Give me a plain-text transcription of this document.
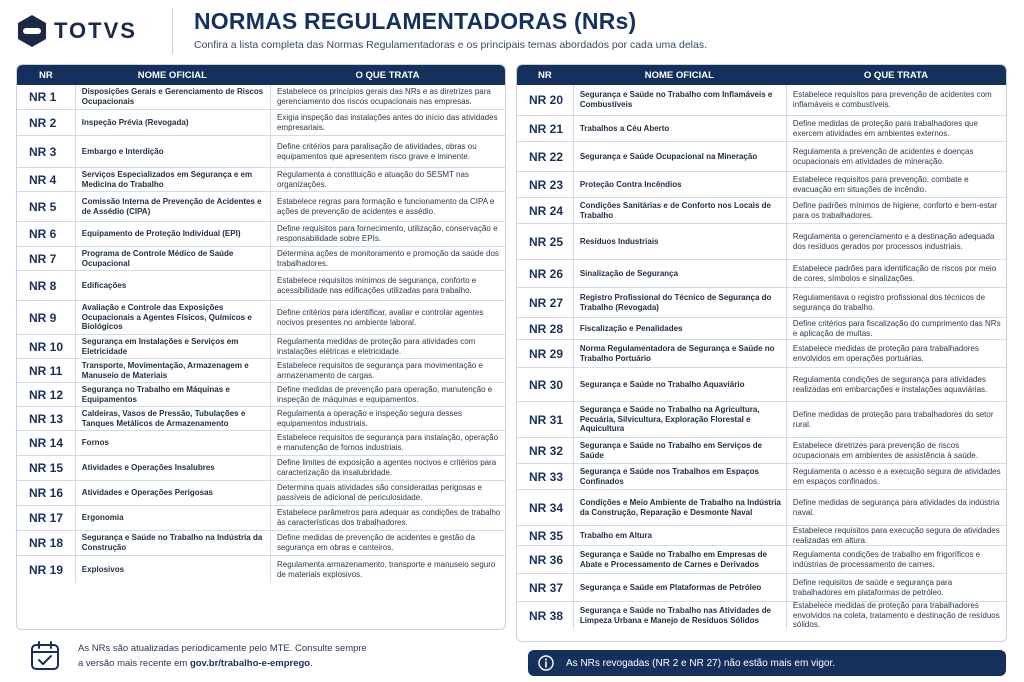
TOTVS NORMAS REGULAMENTADORAS (NRs)

Confira a lista completa das Normas Regulamentadoras e os principais temas abordados por cada uma delas.

NR	NOME OFICIAL	O QUE TRATA
NR 1	Disposições Gerais e Gerenciamento de Riscos Ocupacionais
Estabelece os princípios gerais das NRs e as diretrizes para gerenciamento dos riscos ocupacionais nas empresas.
NR 2	Inspeção Prévia (Revogada)
Exigia inspeção das instalações antes do início das atividades empresariais.
NR 3	Embargo e Interdição
Define critérios para paralisação de atividades, obras ou equipamentos que apresentem risco grave e iminente.
NR 4	Serviços Especializados em Segurança e em Medicina do Trabalho
Regulamenta a constituição e atuação do SESMT nas organizações.
NR 5	Comissão Interna de Prevenção de Acidentes e de Assédio (CIPA)
Estabelece regras para formação e funcionamento da CIPA e ações de prevenção de acidentes e assédio.
NR 6	Equipamento de Proteção Individual (EPI)
Define requisitos para fornecimento, utilização, conservação e responsabilidade sobre EPIs.
NR 7	Programa de Controle Médico de Saúde Ocupacional
Determina ações de monitoramento e promoção da saúde dos trabalhadores.
NR 8	Edificações
Estabelece requisitos mínimos de segurança, conforto e acessibilidade nas edificações utilizadas para trabalho.
NR 9
Avaliação e Controle das Exposições Ocupacionais a Agentes Físicos, Químicos e Biológicos
Define critérios para identificar, avaliar e controlar agentes nocivos presentes no ambiente laboral.
NR 10	Segurança em Instalações e Serviços em Eletricidade
Regulamenta medidas de proteção para atividades com instalações elétricas e eletricidade.
NR 11	Transporte, Movimentação, Armazenagem e Manuseio de Materiais
Estabelece requisitos de segurança para movimentação e armazenamento de cargas.
NR 12	Segurança no Trabalho em Máquinas e Equipamentos
Define medidas de prevenção para operação, manutenção e inspeção de máquinas e equipamentos.
NR 13	Caldeiras, Vasos de Pressão, Tubulações e Tanques Metálicos de Armazenamento
Regulamenta a operação e inspeção segura desses equipamentos industriais.
NR 14	Fornos
Estabelece requisitos de segurança para instalação, operação e manutenção de fornos industriais.
NR 15	Atividades e Operações Insalubres
Define limites de exposição a agentes nocivos e critérios para caracterização da insalubridade.
NR 16	Atividades e Operações Perigosas
Determina quais atividades são consideradas perigosas e passíveis de adicional de periculosidade.
NR 17	Ergonomia
Estabelece parâmetros para adequar as condições de trabalho às características dos trabalhadores.
NR 18	Segurança e Saúde no Trabalho na Indústria da Construção
Define medidas de prevenção de acidentes e gestão da segurança em obras e canteiros.
NR 19	Explosivos
Regulamenta armazenamento, transporte e manuseio seguro de materiais explosivos.
NR	NOME OFICIAL	O QUE TRATA
NR 20	Segurança e Saúde no Trabalho com Inflamáveis e Combustíveis
Estabelece requisitos para prevenção de acidentes com inflamáveis e combustíveis.
NR 21	Trabalhos a Céu Aberto
Define medidas de proteção para trabalhadores que exercem atividades em ambientes externos.
NR 22	Segurança e Saúde Ocupacional na Mineração
Regulamenta a prevenção de acidentes e doenças ocupacionais em atividades de mineração.
NR 23	Proteção Contra Incêndios
Estabelece requisitos para prevenção, combate e evacuação em situações de incêndio.
NR 24	Condições Sanitárias e de Conforto nos Locais de Trabalho
Define padrões mínimos de higiene, conforto e bem-estar para os trabalhadores.
NR 25	Resíduos Industriais
Regulamenta o gerenciamento e a destinação adequada dos resíduos gerados por processos industriais.
NR 26	Sinalização de Segurança
Estabelece padrões para identificação de riscos por meio de cores, símbolos e sinalizações.
NR 27	Registro Profissional do Técnico de Segurança do Trabalho (Revogada)
Regulamentava o registro profissional dos técnicos de segurança do trabalho.
NR 28	Fiscalização e Penalidades
Define critérios para fiscalização do cumprimento das NRs e aplicação de multas.
NR 29	Norma Regulamentadora de Segurança e Saúde no Trabalho Portuário
Estabelece medidas de proteção para trabalhadores envolvidos em operações portuárias.
NR 30	Segurança e Saúde no Trabalho Aquaviário
Regulamenta condições de segurança para atividades realizadas em embarcações e instalações aquaviárias.
NR 31
Segurança e Saúde no Trabalho na Agricultura, Pecuária, Silvicultura, Exploração Florestal e Aquicultura
Define medidas de proteção para trabalhadores do setor rural.
NR 32	Segurança e Saúde no Trabalho em Serviços de Saúde
Estabelece diretrizes para prevenção de riscos ocupacionais em ambientes de assistência à saúde.
NR 33	Segurança e Saúde nos Trabalhos em Espaços Confinados
Regulamenta o acesso e a execução segura de atividades em espaços confinados.
NR 34	Condições e Meio Ambiente de Trabalho na Indústria da Construção, Reparação e Desmonte Naval
Define medidas de segurança para atividades da indústria naval.
NR 35	Trabalho em Altura
Estabelece requisitos para execução segura de atividades realizadas em altura.
NR 36	Segurança e Saúde no Trabalho em Empresas de Abate e Processamento de Carnes e Derivados
Regulamenta condições de trabalho em frigoríficos e indústrias de processamento de carnes.
NR 37	Segurança e Saúde em Plataformas de Petróleo
Define requisitos de saúde e segurança para trabalhadores em plataformas de petróleo.
NR 38	Segurança e Saúde no Trabalho nas Atividades de Limpeza Urbana e Manejo de Resíduos Sólidos
Estabelece medidas de proteção para trabalhadores envolvidos na coleta, tratamento e destinação de resíduos sólidos.
As NRs são atualizadas periodicamente pelo MTE. Consulte sempre
a versão mais recente em gov.br/trabalho-e-emprego.	As NRs revogadas (NR 2 e NR 27) não estão mais em vigor.
